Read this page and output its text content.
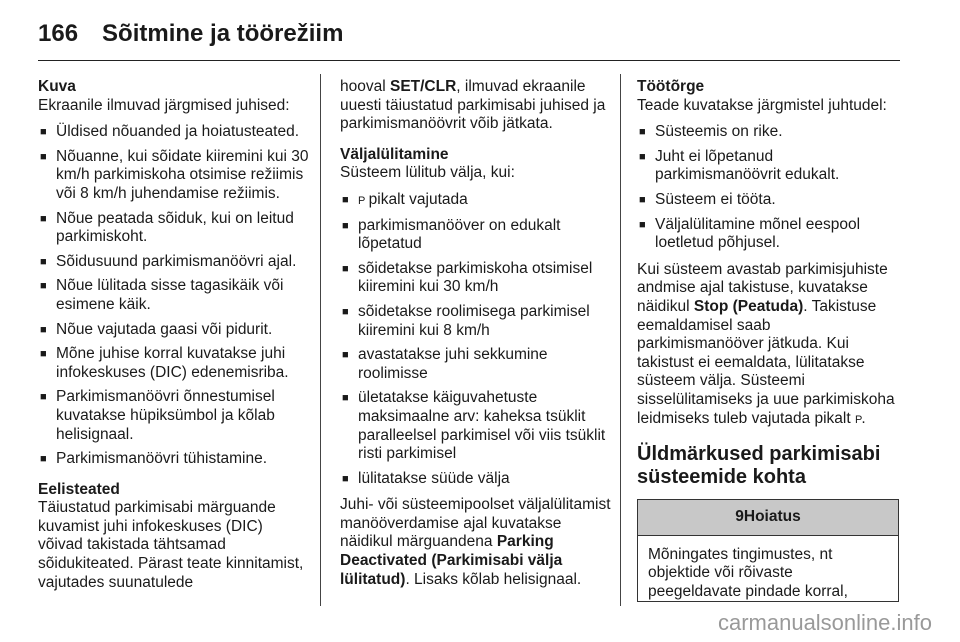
166 Sõitmine ja töörežiim
Kuva

Ekraanile ilmuvad järgmised juhised:

■ Üldised nõuanded ja hoiatusteated.
■ Nõuanne, kui sõidate kiiremini kui 30 km/h parkimiskoha otsimise režiimis või 8 km/h juhendamise režiimis.
■ Nõue peatada sõiduk, kui on leitud parkimiskoht.
■ Sõidusuund parkimismanöövri ajal.
■ Nõue lülitada sisse tagasikäik või esimene käik.
■ Nõue vajutada gaasi või pidurit.
■ Mõne juhise korral kuvatakse juhi infokeskuses (DIC) edenemisriba.
■ Parkimismanöövri õnnestumisel kuvatakse hüpiksümbol ja kõlab helisignaal.
■ Parkimismanöövri tühistamine.
Eelisteated

Täiustatud parkimisabi märguande kuvamist juhi infokeskuses (DIC) võivad takistada tähtsamad sõidukiteated. Pärast teate kinnitamist, vajutades suunatulede

hooval SET/CLR, ilmuvad ekraanile uuesti täiustatud parkimisabi juhised ja parkimismanöövrit võib jätkata.

Väljalülitamine

Süsteem lülitub välja, kui:

■ P pikalt vajutada
■ parkimismanööver on edukalt lõpetatud
■ sõidetakse parkimiskoha otsimisel kiiremini kui 30 km/h
■ sõidetakse roolimisega parkimisel kiiremini kui 8 km/h
■ avastatakse juhi sekkumine roolimisse
■ ületatakse käiguvahetuste maksimaalne arv: kaheksa tsüklit paralleelsel parkimisel või viis tsüklit risti parkimisel
■ lülitatakse süüde välja

Juhi- või süsteemipoolset väljalülitamist manööverdamise ajal kuvatakse näidikul märguandena Parking Deactivated (Parkimisabi välja lülitatud). Lisaks kõlab helisignaal.

Töötõrge

Teade kuvatakse järgmistel juhtudel:

■ Süsteemis on rike.
■ Juht ei lõpetanud parkimismanöövrit edukalt.
■ Süsteem ei tööta.
■ Väljalülitamine mõnel eespool loetletud põhjusel.

Kui süsteem avastab parkimisjuhiste andmise ajal takistuse, kuvatakse näidikul Stop (Peatuda). Takistuse eemaldamisel saab parkimismanööver jätkuda. Kui takistust ei eemaldata, lülitatakse süsteem välja. Süsteemi sisselülitamiseks ja uue parkimiskoha leidmiseks tuleb vajutada pikalt P.

Üldmärkused parkimisabi süsteemide kohta
9Hoiatus
Mõningates tingimustes, nt objektide või rõivaste peegeldavate pindade korral,
carmanualsonline.info
